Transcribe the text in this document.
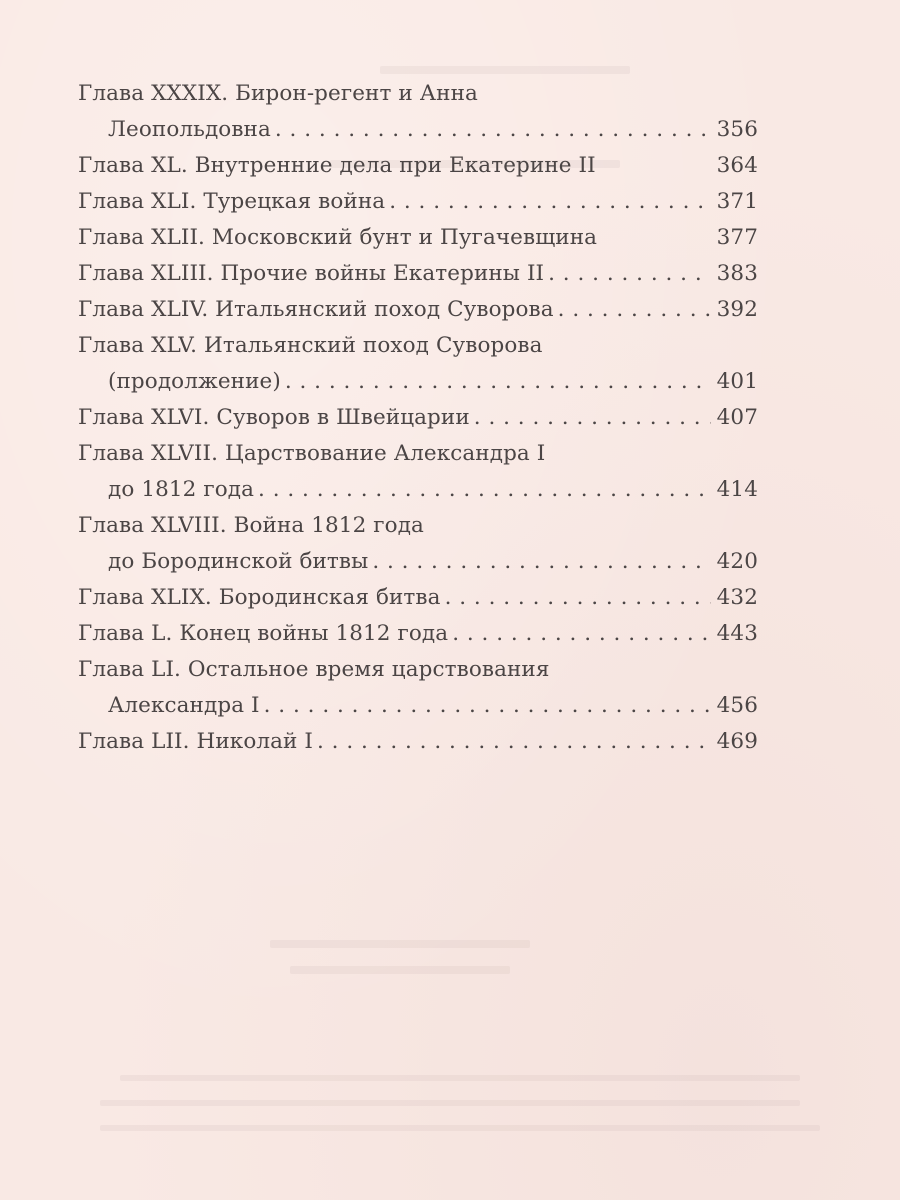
Глава XXXIX. Бирон-регент и Анна
Леопольдовна . . .	356
Глава XL. Внутренние дела при Екатерине II	364
Глава XLI. Турецкая война . . .	371
Глава XLII. Московский бунт и Пугачевщина	377
Глава XLIII. Прочие войны Екатерины II . . .	383
Глава XLIV. Итальянский поход Суворова . . .	392
Глава XLV. Итальянский поход Суворова
(продолжение) . . .	401
Глава XLVI. Суворов в Швейцарии . . .	407
Глава XLVII. Царствование Александра I
до 1812 года . . .	414
Глава XLVIII. Война 1812 года
до Бородинской битвы . . .	420
Глава XLIX. Бородинская битва . . .	432
Глава L. Конец войны 1812 года . . .	443
Глава LI. Остальное время царствования
Александра I . . .	456
Глава LII. Николай I . . .	469
